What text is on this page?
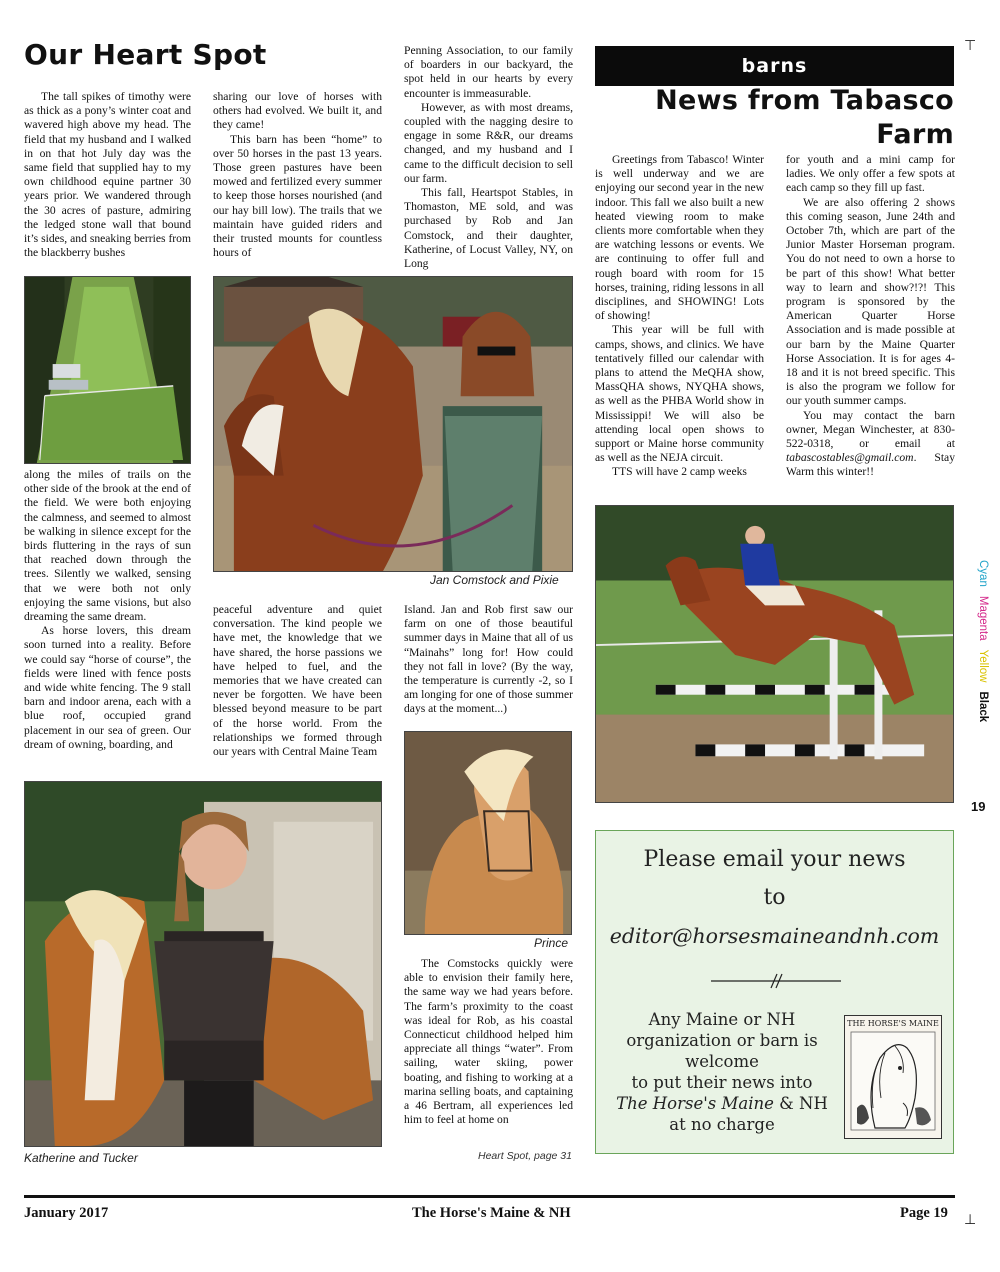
⊤
⊥
Our Heart Spot

The tall spikes of timothy were as thick as a pony’s winter coat and wavered high above my head. The field that my husband and I walked in on that hot July day was the same field that supplied hay to my own childhood equine partner 30 years prior. We wandered through the 30 acres of pasture, admiring the ledged stone wall that bound it’s sides, and sneaking berries from the blackberry bushes

along the miles of trails on the other side of the brook at the end of the field. We were both enjoying the calmness, and seemed to almost be walking in silence except for the birds fluttering in the rays of sun that reached down through the trees. Silently we walked, sensing that we were both not only enjoying the same visions, but also dreaming the same dream.

As horse lovers, this dream soon turned into a reality. Before we could say “horse of course”, the fields were lined with fence posts and wide white fencing. The 9 stall barn and indoor arena, each with a blue roof, occupied grand placement in our sea of green. Our dream of owning, boarding, and

sharing our love of horses with others had evolved. We built it, and they came!

This barn has been “home” to over 50 horses in the past 13 years. Those green pastures have been mowed and fertilized every summer to keep those horses nourished (and our hay bill low). The trails that we maintain have guided riders and their trusted mounts for countless hours of

Penning Association, to our family of boarders in our backyard, the spot held in our hearts by every encounter is immeasurable.

However, as with most dreams, coupled with the nagging desire to engage in some R&R, our dreams changed, and my husband and I came to the difficult decision to sell our farm.

This fall, Heartspot Stables, in Thomaston, ME sold, and was purchased by Rob and Jan Comstock, and their daughter, Katherine, of Locust Valley, NY, on Long

Jan Comstock and Pixie

peaceful adventure and quiet conversation. The kind people we have met, the knowledge that we have shared, the horse passions we have helped to fuel, and the memories that we have created can never be forgotten. We have been blessed beyond measure to be part of the horse world. From the relationships we formed through our years with Central Maine Team

Island. Jan and Rob first saw our farm on one of those beautiful summer days in Maine that all of us “Mainahs” long for! How could they not fall in love? (By the way, the temperature is currently -2, so I am longing for one of those summer days at the moment...)

Katherine and Tucker
Prince

The Comstocks quickly were able to envision their family here, the same way we had years before. The farm’s proximity to the coast was ideal for Rob, as his coastal Connecticut childhood helped him appreciate all things “water”. From sailing, water skiing, power boating, and fishing to working at a marina selling boats, and captaining a 46 Bertram, all experiences led him to feel at home on

Heart Spot, page 31
barns
News from Tabasco
Farm

Greetings from Tabasco! Winter is well underway and we are enjoying our second year in the new indoor. This fall we also built a new heated viewing room to make clients more comfortable when they are watching lessons or events. We are continuing to offer full and rough board with room for 15 horses, training, riding lessons in all disciplines, and SHOWING! Lots of showing!

This year will be full with camps, shows, and clinics. We have tentatively filled our calendar with plans to attend the MeQHA show, MassQHA shows, NYQHA shows, as well as the PHBA World show in Mississippi! We will also be attending local open shows to support or Maine horse community as well as the NEJA circuit.

TTS will have 2 camp weeks

for youth and a mini camp for ladies. We only offer a few spots at each camp so they fill up fast.

We are also offering 2 shows this coming season, June 24th and October 7th, which are part of the Junior Master Horseman program. You do not need to own a horse to be part of this show! What better way to learn and show?!?! This program is sponsored by the American Quarter Horse Association and is made possible at our barn by the Maine Quarter Horse Association. It is for ages 4-18 and it is not breed specific. This is also the program we follow for our youth summer camps.

You may contact the barn owner, Megan Winchester, at 830-522-0318, or email at tabascostables@gmail.com. Stay Warm this winter!!

Cyan
Magenta
Yellow
Black
19
Please email your news
to
editor@horsesmaineandnh.com
Any Maine or NH
organization or barn is
welcome
to put their news into
The Horse's Maine & NH
at no charge
THE HORSE'S MAINE
January 2017	The Horse's Maine & NH	Page 19
